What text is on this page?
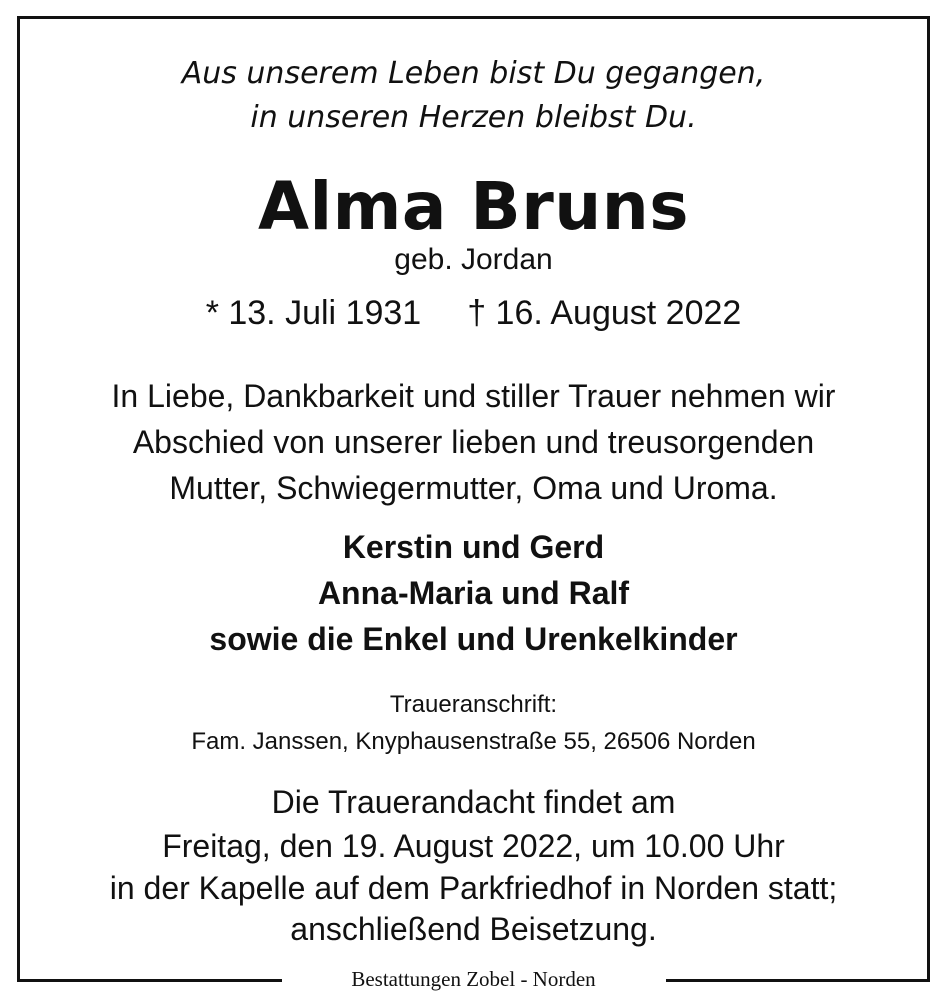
Aus unserem Leben bist Du gegangen,
in unseren Herzen bleibst Du.
Alma Bruns
geb. Jordan
* 13. Juli 1931 † 16. August 2022
In Liebe, Dankbarkeit und stiller Trauer nehmen wir
Abschied von unserer lieben und treusorgenden
Mutter, Schwiegermutter, Oma und Uroma.
Kerstin und Gerd
Anna-Maria und Ralf
sowie die Enkel und Urenkelkinder
Traueranschrift:
Fam. Janssen, Knyphausenstraße 55, 26506 Norden
Die Trauerandacht findet am
Freitag, den 19. August 2022, um 10.00 Uhr
in der Kapelle auf dem Parkfriedhof in Norden statt;
anschließend Beisetzung.
Bestattungen Zobel - Norden
